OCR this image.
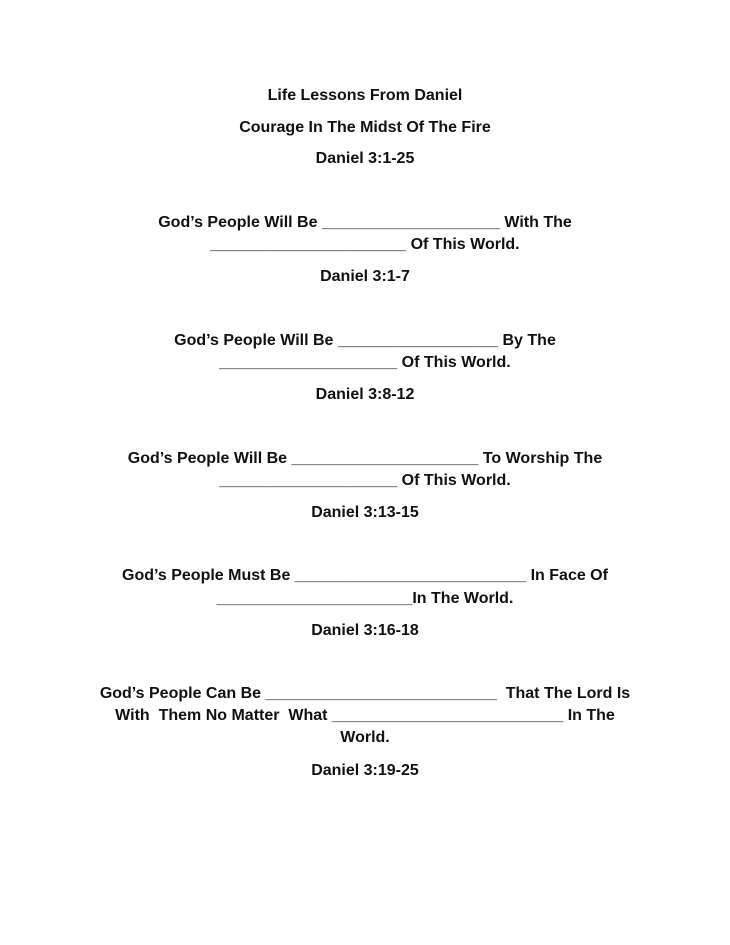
Life Lessons From Daniel
Courage In The Midst Of The Fire
Daniel 3:1-25
God’s People Will Be ____________________ With The
______________________ Of This World.
Daniel 3:1-7
God’s People Will Be __________________ By The
____________________ Of This World.
Daniel 3:8-12
God’s People Will Be _____________________ To Worship The
____________________ Of This World.
Daniel 3:13-15
God’s People Must Be __________________________ In Face Of
______________________In The World.
Daniel 3:16-18
God’s People Can Be __________________________  That The Lord Is
With  Them No Matter  What __________________________ In The
World.
Daniel 3:19-25
